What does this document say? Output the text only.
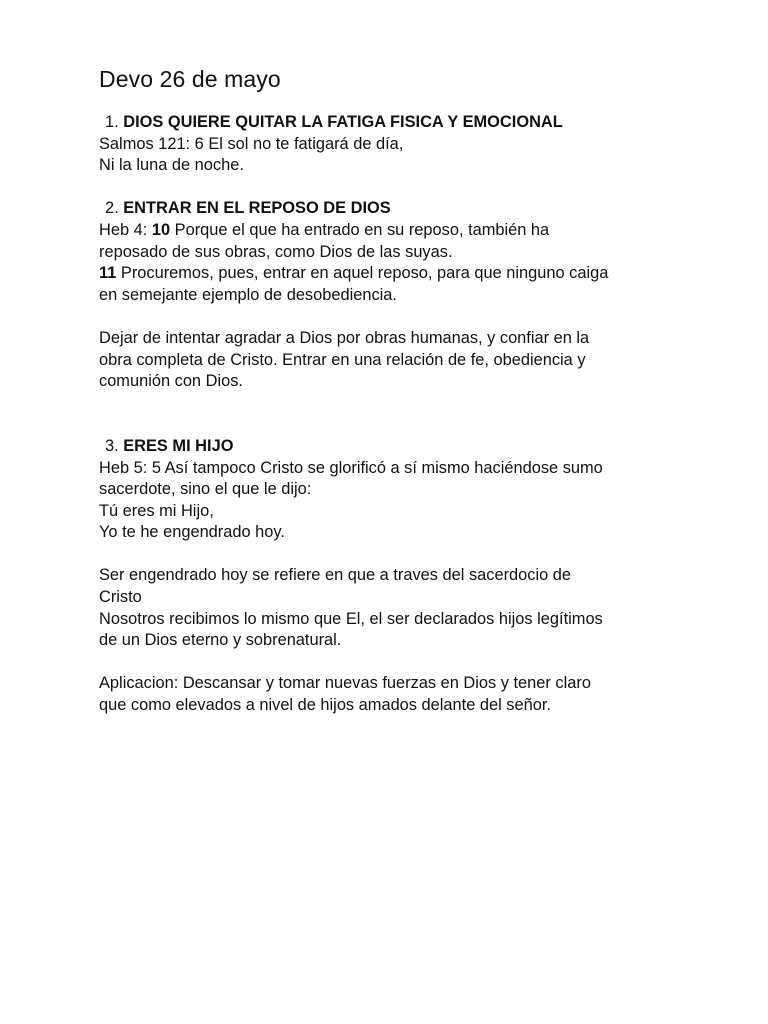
Devo 26 de mayo
1. DIOS QUIERE QUITAR LA FATIGA FISICA Y EMOCIONAL
Salmos 121: 6 El sol no te fatigará de día,
Ni la luna de noche.
2. ENTRAR EN EL REPOSO DE DIOS
Heb 4: 10 Porque el que ha entrado en su reposo, también ha
reposado de sus obras, como Dios de las suyas.
11 Procuremos, pues, entrar en aquel reposo, para que ninguno caiga
en semejante ejemplo de desobediencia.
Dejar de intentar agradar a Dios por obras humanas, y confiar en la
obra completa de Cristo. Entrar en una relación de fe, obediencia y
comunión con Dios.
3. ERES MI HIJO
Heb 5: 5 Así tampoco Cristo se glorificó a sí mismo haciéndose sumo
sacerdote, sino el que le dijo:
Tú eres mi Hijo,
Yo te he engendrado hoy.
Ser engendrado hoy se refiere en que a traves del sacerdocio de
Cristo
Nosotros recibimos lo mismo que El, el ser declarados hijos legítimos
de un Dios eterno y sobrenatural.
Aplicacion: Descansar y tomar nuevas fuerzas en Dios y tener claro
que como elevados a nivel de hijos amados delante del señor.
